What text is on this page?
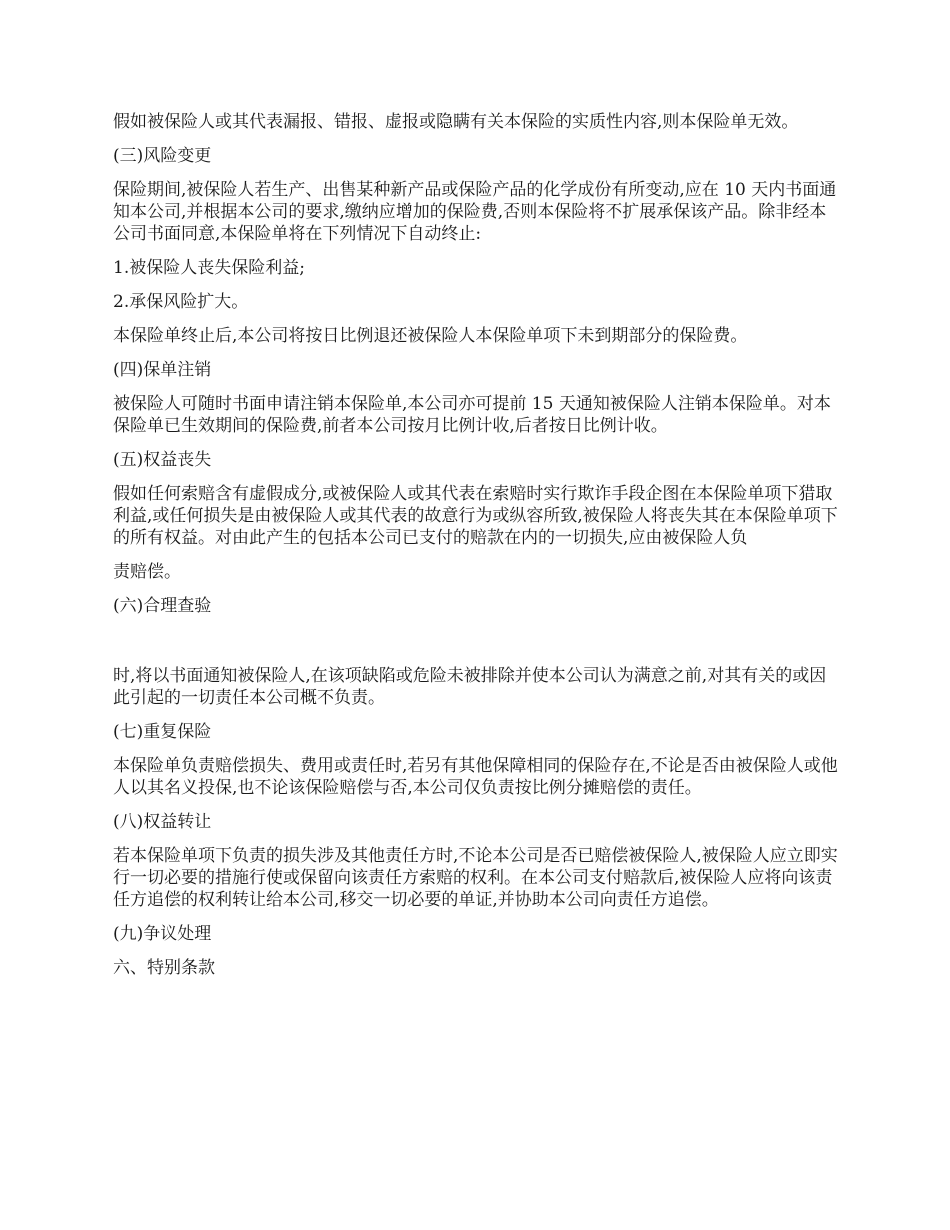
假如被保险人或其代表漏报、错报、虚报或隐瞒有关本保险的实质性内容,则本保险单无效。

(三)风险变更

保险期间,被保险人若生产、出售某种新产品或保险产品的化学成份有所变动,应在 10 天内书面通知本公司,并根据本公司的要求,缴纳应增加的保险费,否则本保险将不扩展承保该产品。除非经本公司书面同意,本保险单将在下列情况下自动终止:

1.被保险人丧失保险利益;

2.承保风险扩大。

本保险单终止后,本公司将按日比例退还被保险人本保险单项下未到期部分的保险费。

(四)保单注销

被保险人可随时书面申请注销本保险单,本公司亦可提前 15 天通知被保险人注销本保险单。对本保险单已生效期间的保险费,前者本公司按月比例计收,后者按日比例计收。

(五)权益丧失

假如任何索赔含有虚假成分,或被保险人或其代表在索赔时实行欺诈手段企图在本保险单项下猎取利益,或任何损失是由被保险人或其代表的故意行为或纵容所致,被保险人将丧失其在本保险单项下的所有权益。对由此产生的包括本公司已支付的赔款在内的一切损失,应由被保险人负

责赔偿。

(六)合理查验

时,将以书面通知被保险人,在该项缺陷或危险未被排除并使本公司认为满意之前,对其有关的或因此引起的一切责任本公司概不负责。

(七)重复保险

本保险单负责赔偿损失、费用或责任时,若另有其他保障相同的保险存在,不论是否由被保险人或他人以其名义投保,也不论该保险赔偿与否,本公司仅负责按比例分摊赔偿的责任。

(八)权益转让

若本保险单项下负责的损失涉及其他责任方时,不论本公司是否已赔偿被保险人,被保险人应立即实行一切必要的措施行使或保留向该责任方索赔的权利。在本公司支付赔款后,被保险人应将向该责任方追偿的权利转让给本公司,移交一切必要的单证,并协助本公司向责任方追偿。

(九)争议处理

六、特别条款
